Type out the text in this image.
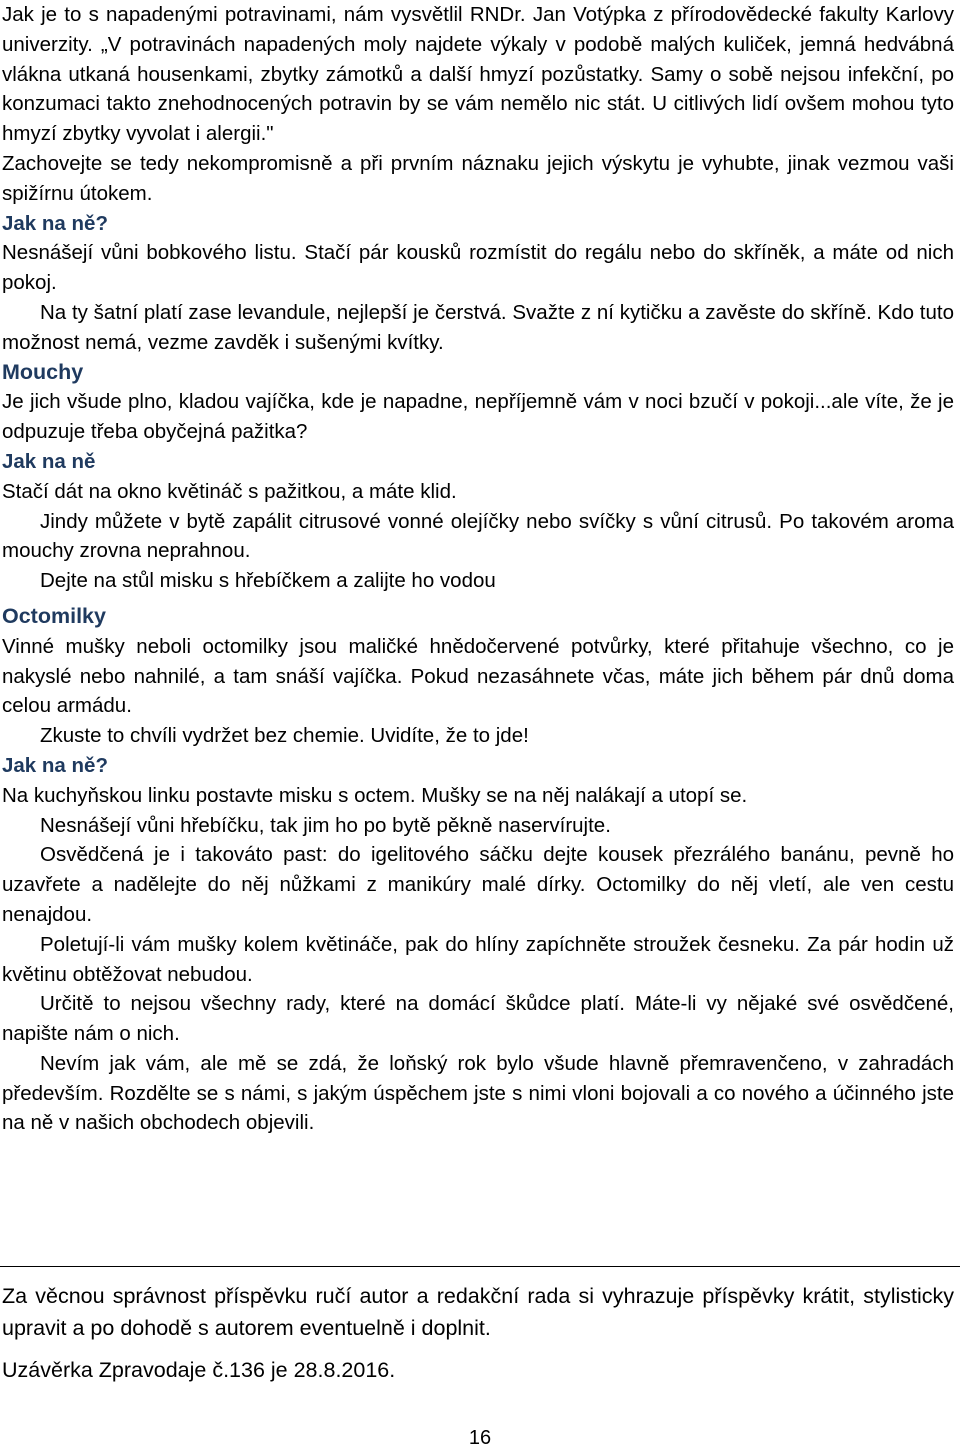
Jak je to s napadenými potravinami, nám vysvětlil RNDr. Jan Votýpka z přírodovědecké fakulty Karlovy univerzity. „V potravinách napadených moly najdete výkaly v podobě malých kuliček, jemná hedvábná vlákna utkaná housenkami, zbytky zámotků a další hmyzí pozůstatky. Samy o sobě nejsou infekční, po konzumaci takto znehodnocených potravin by se vám nemělo nic stát. U citlivých lidí ovšem mohou tyto hmyzí zbytky vyvolat i alergii."

Zachovejte se tedy nekompromisně a při prvním náznaku jejich výskytu je vyhubte, jinak vezmou vaši spižírnu útokem.

Jak na ně?

Nesnášejí vůni bobkového listu. Stačí pár kousků rozmístit do regálu nebo do skříněk, a máte od nich pokoj.

Na ty šatní platí zase levandule, nejlepší je čerstvá. Svažte z ní kytičku a zavěste do skříně. Kdo tuto možnost nemá, vezme zavděk i sušenými kvítky.

Mouchy

Je jich všude plno, kladou vajíčka, kde je napadne, nepříjemně vám v noci bzučí v pokoji...ale víte, že je odpuzuje třeba obyčejná pažitka?

Jak na ně

Stačí dát na okno květináč s pažitkou, a máte klid.

Jindy můžete v bytě zapálit citrusové vonné olejíčky nebo svíčky s vůní citrusů. Po takovém aroma mouchy zrovna neprahnou.

Dejte na stůl misku s hřebíčkem a zalijte ho vodou

Octomilky

Vinné mušky neboli octomilky jsou maličké hnědočervené potvůrky, které přitahuje všechno, co je nakyslé nebo nahnilé, a tam snáší vajíčka. Pokud nezasáhnete včas, máte jich během pár dnů doma celou armádu.

Zkuste to chvíli vydržet bez chemie. Uvidíte, že to jde!

Jak na ně?

Na kuchyňskou linku postavte misku s octem. Mušky se na něj nalákají a utopí se.

Nesnášejí vůni hřebíčku, tak jim ho po bytě pěkně naservírujte.

Osvědčená je i takováto past: do igelitového sáčku dejte kousek přezrálého banánu, pevně ho uzavřete a nadělejte do něj nůžkami z manikúry malé dírky. Octomilky do něj vletí, ale ven cestu nenajdou.

Poletují-li vám mušky kolem květináče, pak do hlíny zapíchněte stroužek česneku. Za pár hodin už květinu obtěžovat nebudou.

Určitě to nejsou všechny rady, které na domácí škůdce platí. Máte-li vy nějaké své osvědčené, napište nám o nich.

Nevím jak vám, ale mě se zdá, že loňský rok bylo všude hlavně přemravenčeno, v zahradách především. Rozdělte se s námi, s jakým úspěchem jste s nimi vloni bojovali a co nového a účinného jste na ně v našich obchodech objevili.

Za věcnou správnost příspěvku ručí autor a redakční rada si vyhrazuje příspěvky krátit, stylisticky upravit a po dohodě s autorem eventuelně i doplnit.

Uzávěrka Zpravodaje č.136 je 28.8.2016.

16
